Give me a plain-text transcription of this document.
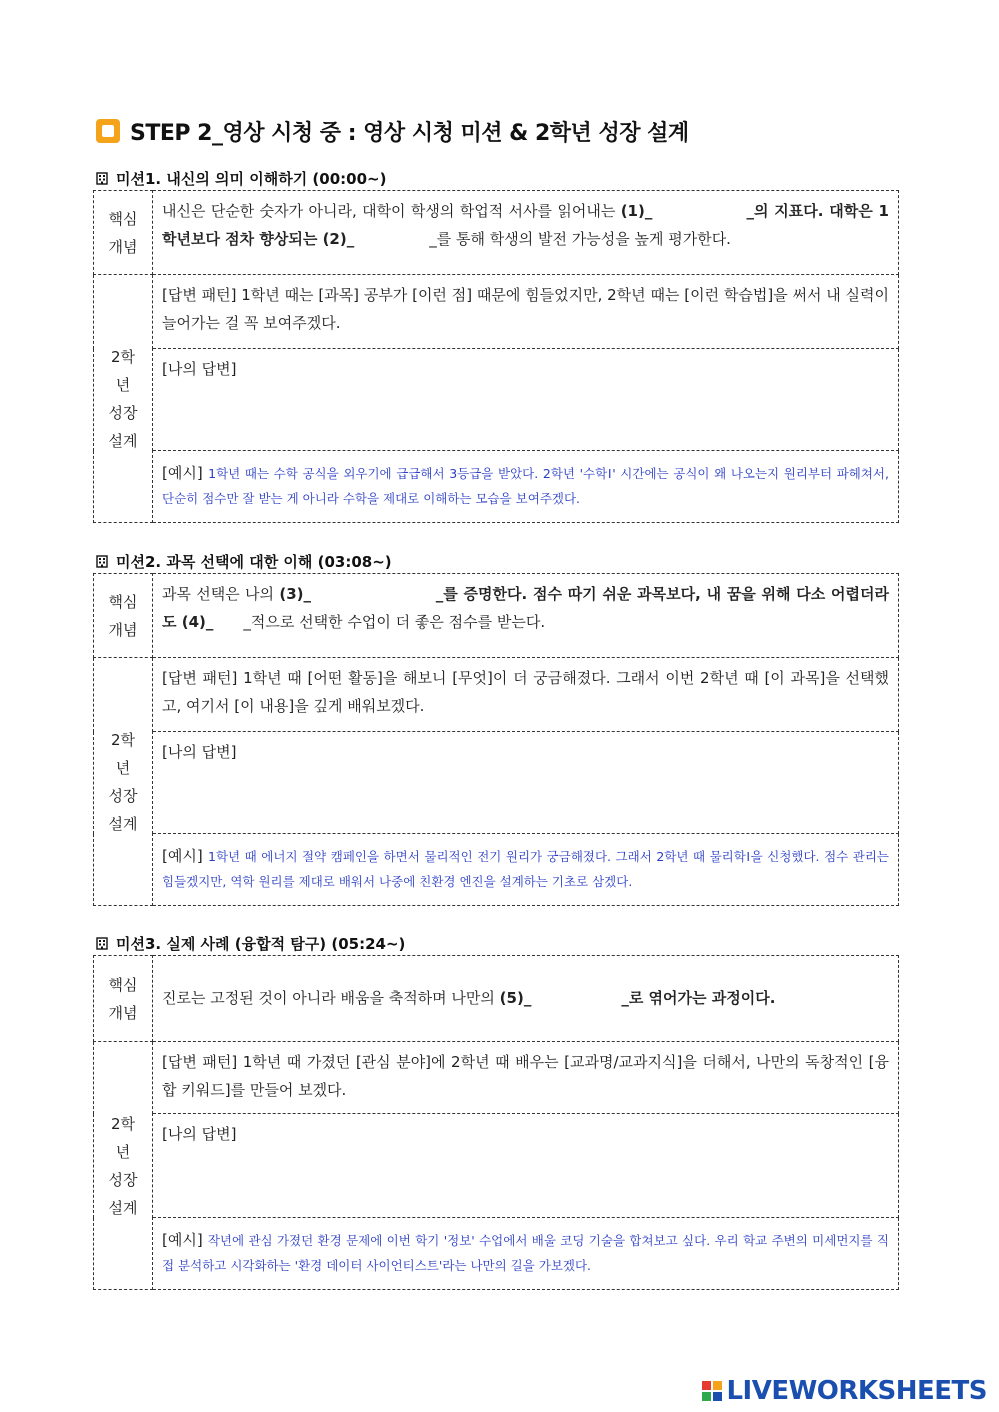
STEP 2_영상 시청 중 : 영상 시청 미션 & 2학년 성장 설계
미션1. 내신의 의미 이해하기 (00:00~)
핵심
개념	내신은 단순한 숫자가 아니라, 대학이 학생의 학업적 서사를 읽어내는 (1)_　　　　　　 _의 지표다. 대학은 1학년보다 점차 향상되는 (2)_　　　　　 _를 통해 학생의 발전 가능성을 높게 평가한다.

2학
년
성장
설계	[답변 패턴] 1학년 때는 [과목] 공부가 [이런 점] 때문에 힘들었지만, 2학년 때는 [이런 학습법]을 써서 내 실력이 늘어가는 걸 꼭 보여주겠다.

	[나의 답변]

	[예시] 1학년 때는 수학 공식을 외우기에 급급해서 3등급을 받았다. 2학년 '수학Ⅰ' 시간에는 공식이 왜 나오는지 원리부터 파헤쳐서, 단순히 점수만 잘 받는 게 아니라 수학을 제대로 이해하는 모습을 보여주겠다.
미션2. 과목 선택에 대한 이해 (03:08~)
핵심
개념	과목 선택은 나의 (3)_　　　　　　　　 _를 증명한다. 점수 따기 쉬운 과목보다, 내 꿈을 위해 다소 어렵더라도 (4)_　　 _적으로 선택한 수업이 더 좋은 점수를 받는다.

2학
년
성장
설계	[답변 패턴] 1학년 때 [어떤 활동]을 해보니 [무엇]이 더 궁금해졌다. 그래서 이번 2학년 때 [이 과목]을 선택했고, 여기서 [이 내용]을 깊게 배워보겠다.

	[나의 답변]

	[예시] 1학년 때 에너지 절약 캠페인을 하면서 물리적인 전기 원리가 궁금해졌다. 그래서 2학년 때 물리학Ⅰ을 신청했다. 점수 관리는 힘들겠지만, 역학 원리를 제대로 배워서 나중에 친환경 엔진을 설계하는 기초로 삼겠다.
미션3. 실제 사례 (융합적 탐구) (05:24~)
핵심
개념	진로는 고정된 것이 아니라 배움을 축적하며 나만의 (5)_　　　　　　 _로 엮어가는 과정이다.

2학
년
성장
설계	[답변 패턴] 1학년 때 가졌던 [관심 분야]에 2학년 때 배우는 [교과명/교과지식]을 더해서, 나만의 독창적인 [융합 키워드]를 만들어 보겠다.

	[나의 답변]

	[예시] 작년에 관심 가졌던 환경 문제에 이번 학기 '정보' 수업에서 배울 코딩 기술을 합쳐보고 싶다. 우리 학교 주변의 미세먼지를 직접 분석하고 시각화하는 '환경 데이터 사이언티스트'라는 나만의 길을 가보겠다.
LIVEWORKSHEETS
